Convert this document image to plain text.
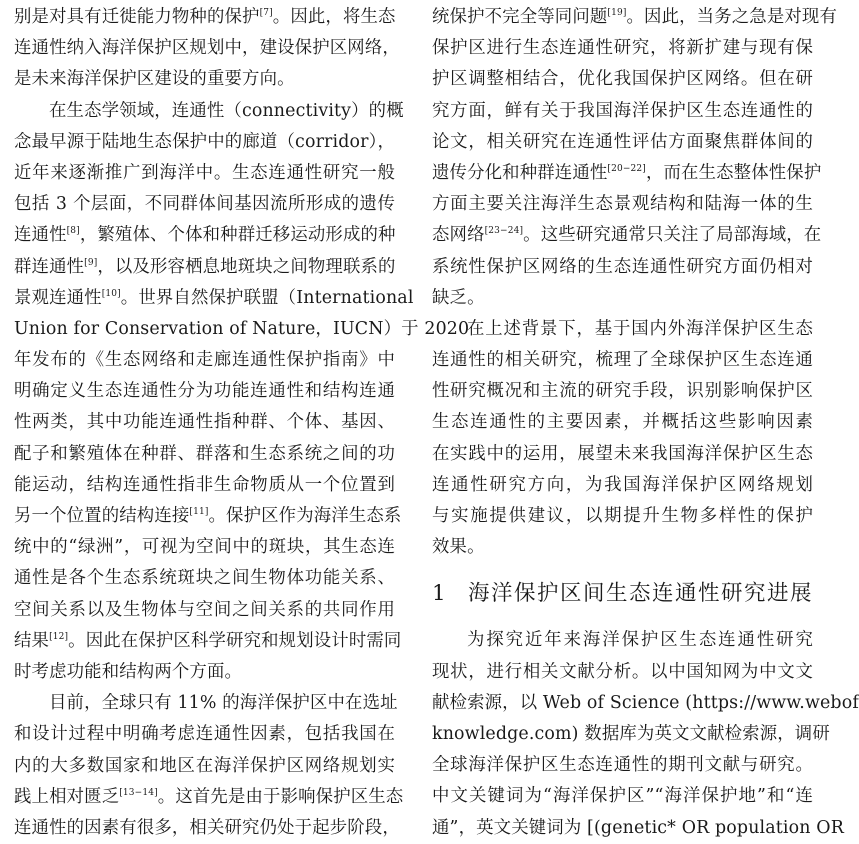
别是对具有迁徙能力物种的保护[7]。因此，将生态
连通性纳入海洋保护区规划中，建设保护区网络，
是未来海洋保护区建设的重要方向。
在生态学领域，连通性（connectivity）的概
念最早源于陆地生态保护中的廊道（corridor），
近年来逐渐推广到海洋中。生态连通性研究一般
包括 3 个层面，不同群体间基因流所形成的遗传
连通性[8]，繁殖体、个体和种群迁移运动形成的种
群连通性[9]，以及形容栖息地斑块之间物理联系的
景观连通性[10]。世界自然保护联盟（International
Union for Conservation of Nature，IUCN）于 2020
年发布的《生态网络和走廊连通性保护指南》中
明确定义生态连通性分为功能连通性和结构连通
性两类，其中功能连通性指种群、个体、基因、
配子和繁殖体在种群、群落和生态系统之间的功
能运动，结构连通性指非生命物质从一个位置到
另一个位置的结构连接[11]。保护区作为海洋生态系
统中的“绿洲”，可视为空间中的斑块，其生态连
通性是各个生态系统斑块之间生物体功能关系、
空间关系以及生物体与空间之间关系的共同作用
结果[12]。因此在保护区科学研究和规划设计时需同
时考虑功能和结构两个方面。
目前，全球只有 11% 的海洋保护区中在选址
和设计过程中明确考虑连通性因素，包括我国在
内的大多数国家和地区在海洋保护区网络规划实
践上相对匮乏[13−14]。这首先是由于影响保护区生态
连通性的因素有很多，相关研究仍处于起步阶段，
统保护不完全等同问题[19]。因此，当务之急是对现有
保护区进行生态连通性研究，将新扩建与现有保
护区调整相结合，优化我国保护区网络。但在研
究方面，鲜有关于我国海洋保护区生态连通性的
论文，相关研究在连通性评估方面聚焦群体间的
遗传分化和种群连通性[20−22]，而在生态整体性保护
方面主要关注海洋生态景观结构和陆海一体的生
态网络[23−24]。这些研究通常只关注了局部海域，在
系统性保护区网络的生态连通性研究方面仍相对
缺乏。
在上述背景下，基于国内外海洋保护区生态
连通性的相关研究，梳理了全球保护区生态连通
性研究概况和主流的研究手段，识别影响保护区
生态连通性的主要因素，并概括这些影响因素
在实践中的运用，展望未来我国海洋保护区生态
连通性研究方向，为我国海洋保护区网络规划
与实施提供建议，以期提升生物多样性的保护
效果。
1 海洋保护区间生态连通性研究进展
为探究近年来海洋保护区生态连通性研究
现状，进行相关文献分析。以中国知网为中文文
献检索源，以 Web of Science (https://www.webof
knowledge.com) 数据库为英文文献检索源，调研
全球海洋保护区生态连通性的期刊文献与研究。
中文关键词为“海洋保护区”“海洋保护地”和“连
通”，英文关键词为 [(genetic* OR population OR
